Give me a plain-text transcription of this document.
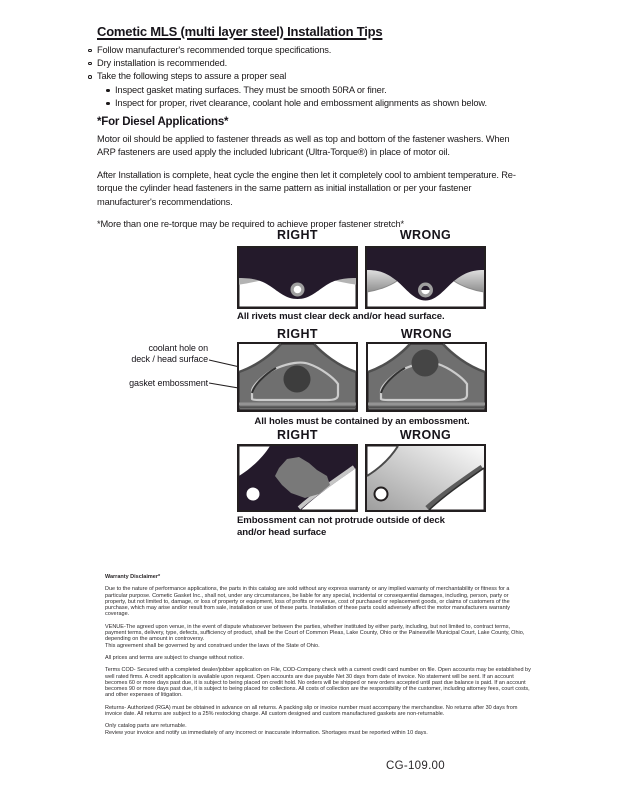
Cometic MLS (multi layer steel) Installation Tips
Follow manufacturer's recommended torque specifications.
Dry installation is recommended.
Take the following steps to assure a proper seal
Inspect gasket mating surfaces. They must be smooth 50RA or finer.
Inspect for proper, rivet clearance, coolant hole and embossment alignments as shown below.
*For Diesel Applications*

Motor oil should be applied to fastener threads as well as top and bottom of the fastener washers. When ARP fasteners are used apply the included lubricant (Ultra-Torque®) in place of motor oil.

After Installation is complete, heat cycle the engine then let it completely cool to ambient temperature. Re-torque the cylinder head fasteners in the same pattern as initial installation or per your fastener manufacturer's recommendations.

*More than one re-torque may be required to achieve proper fastener stretch*

RIGHT	WRONG
All rivets must clear deck and/or head surface.
RIGHT	WRONG
coolant hole on
deck / head surface
gasket embossment
All holes must be contained by an embossment.
RIGHT	WRONG
Embossment can not protrude outside of deck
and/or head surface
Warranty Disclaimer*
Due to the nature of performance applications, the parts in this catalog are sold without any express warranty or any implied warranty of merchantability or fitness for a particular purpose. Cometic Gasket Inc., shall not, under any circumstances, be liable for any special, incidental or consequential damages, including, person, party or property, but not limited to, damage, or loss of property or equipment, loss of profits or revenue, cost of purchased or replacement goods, or claims of customers of the purchase, which may arise and/or result from sale, installation or use of these parts. Installation of these parts could adversely affect the motor manufacturers warranty coverage.
VENUE-The agreed upon venue, in the event of dispute whatsoever between the parties, whether instituted by either party, including, but not limited to, contract terms, payment terms, delivery, type, defects, sufficiency of product, shall be the Court of Common Pleas, Lake County, Ohio or the Painesville Municipal Court, Lake County, Ohio, depending on the amount in controversy.
This agreement shall be governed by and construed under the laws of the State of Ohio.
All prices and terms are subject to change without notice.
Terms COD- Secured with a completed dealer/jobber application on File, COD-Company check with a current credit card number on file. Open accounts may be established by well rated firms. A credit application is available upon request. Open accounts are due payable Net 30 days from date of invoice. No statement will be sent. If an account becomes 60 or more days past due, it is subject to being placed on credit hold. No orders will be shipped or new orders accepted until past due balance is paid. If an account becomes 90 or more days past due, it is subject to being placed for collections. All costs of collection are the responsibility of the customer, including attorney fees, court costs, and other expenses of litigation.
Returns- Authorized (RGA) must be obtained in advance on all returns. A packing slip or invoice number must accompany the merchandise. No returns after 30 days from invoice date. All returns are subject to a 25% restocking charge. All custom designed and custom manufactured gaskets are non-returnable.
Only catalog parts are returnable.
Review your invoice and notify us immediately of any incorrect or inaccurate information. Shortages must be reported within 10 days.
CG-109.00
